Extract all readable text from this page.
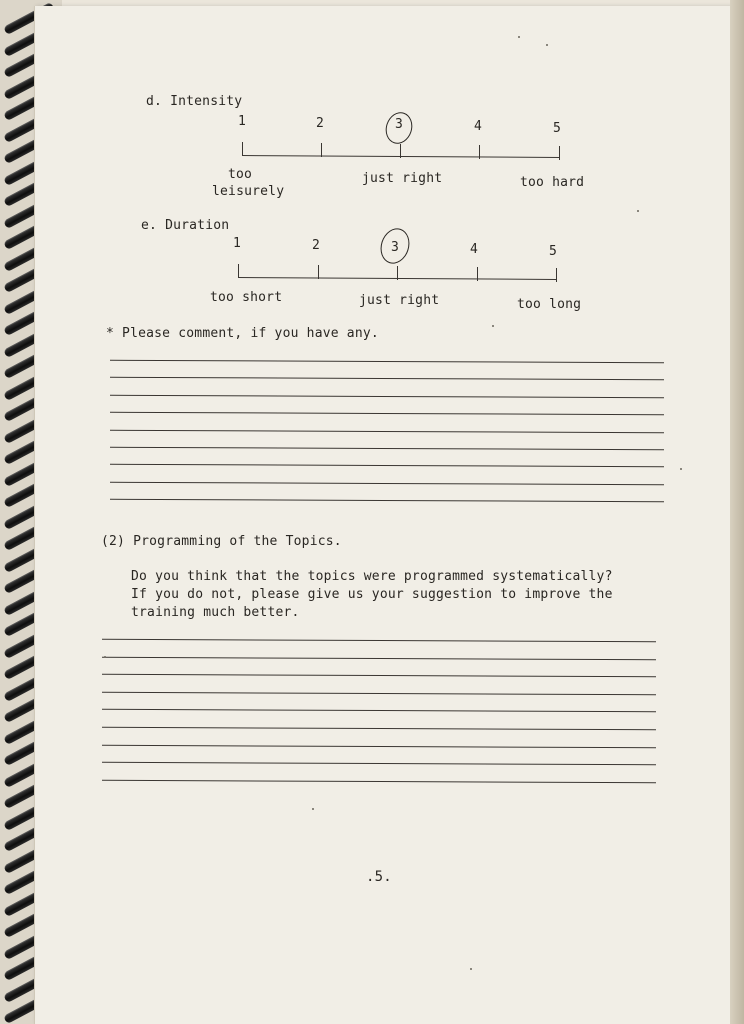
d. Intensity
1	2	3	4	5
too
leisurely
just right	too hard
e. Duration
1	2	3	4	5
too short	just right	too long
* Please comment, if you have any.
(2) Programming of the Topics.
Do you think that the topics were programmed systematically?
If you do not, please give us your suggestion to improve the
training much better.
.5.
